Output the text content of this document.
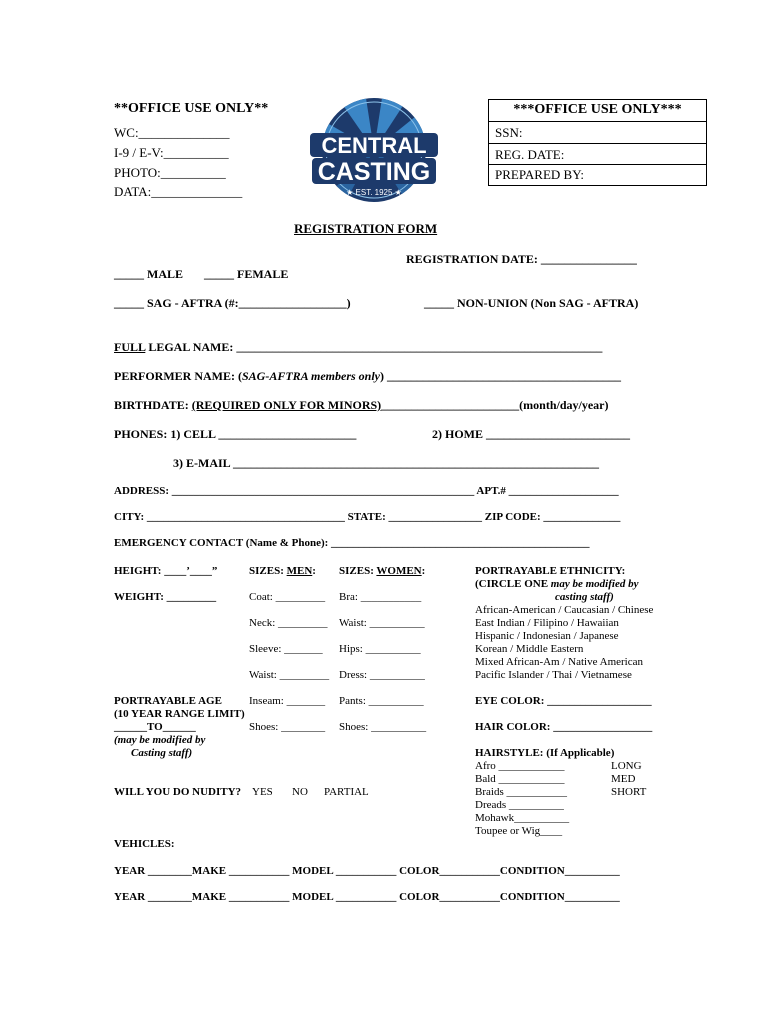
**OFFICE USE ONLY**
WC:______________
I-9 / E-V:__________
PHOTO:__________
DATA:______________
CENTRAL
CASTING
★ EST. 1925 ★
***OFFICE USE ONLY***
SSN:
REG. DATE:
PREPARED BY:
REGISTRATION FORM
REGISTRATION DATE: ________________
_____ MALE _____ FEMALE
_____ SAG - AFTRA (#:__________________)	_____ NON-UNION (Non SAG - AFTRA)
FULL LEGAL NAME: _____________________________________________________________
PERFORMER NAME: (SAG-AFTRA members only) _______________________________________
BIRTHDATE: (REQUIRED ONLY FOR MINORS)_______________________(month/day/year)
PHONES: 1) CELL _______________________	2) HOME ________________________
3) E-MAIL _____________________________________________________________
ADDRESS: _______________________________________________________ APT.# ____________________
CITY: ____________________________________ STATE: _________________ ZIP CODE: ______________
EMERGENCY CONTACT (Name & Phone): _______________________________________________
HEIGHT: ____’____”
WEIGHT: _________
SIZES: MEN: SIZES: WOMEN:
Coat: _________
Neck: _________
Sleeve: _______
Waist: _________
Inseam: _______
Shoes: ________
Bra: ___________
Waist: __________
Hips: __________
Dress: __________
Pants: __________
Shoes: __________
PORTRAYABLE ETHNICITY:
(CIRCLE ONE may be modified by
casting staff)
African-American / Caucasian / Chinese
East Indian / Filipino / Hawaiian
Hispanic / Indonesian / Japanese
Korean / Middle Eastern
Mixed African-Am / Native American
Pacific Islander / Thai / Vietnamese
PORTRAYABLE AGE
(10 YEAR RANGE LIMIT)
______TO______
(may be modified by
Casting staff)
EYE COLOR: ___________________
HAIR COLOR: __________________
HAIRSTYLE: (If Applicable)
Afro ____________
Bald ____________
Braids ___________
Dreads __________
Mohawk__________
Toupee or Wig____
LONG
MED
SHORT
WILL YOU DO NUDITY? YES NO PARTIAL
VEHICLES:
YEAR ________MAKE ___________ MODEL ___________ COLOR___________CONDITION__________
YEAR ________MAKE ___________ MODEL ___________ COLOR___________CONDITION__________
